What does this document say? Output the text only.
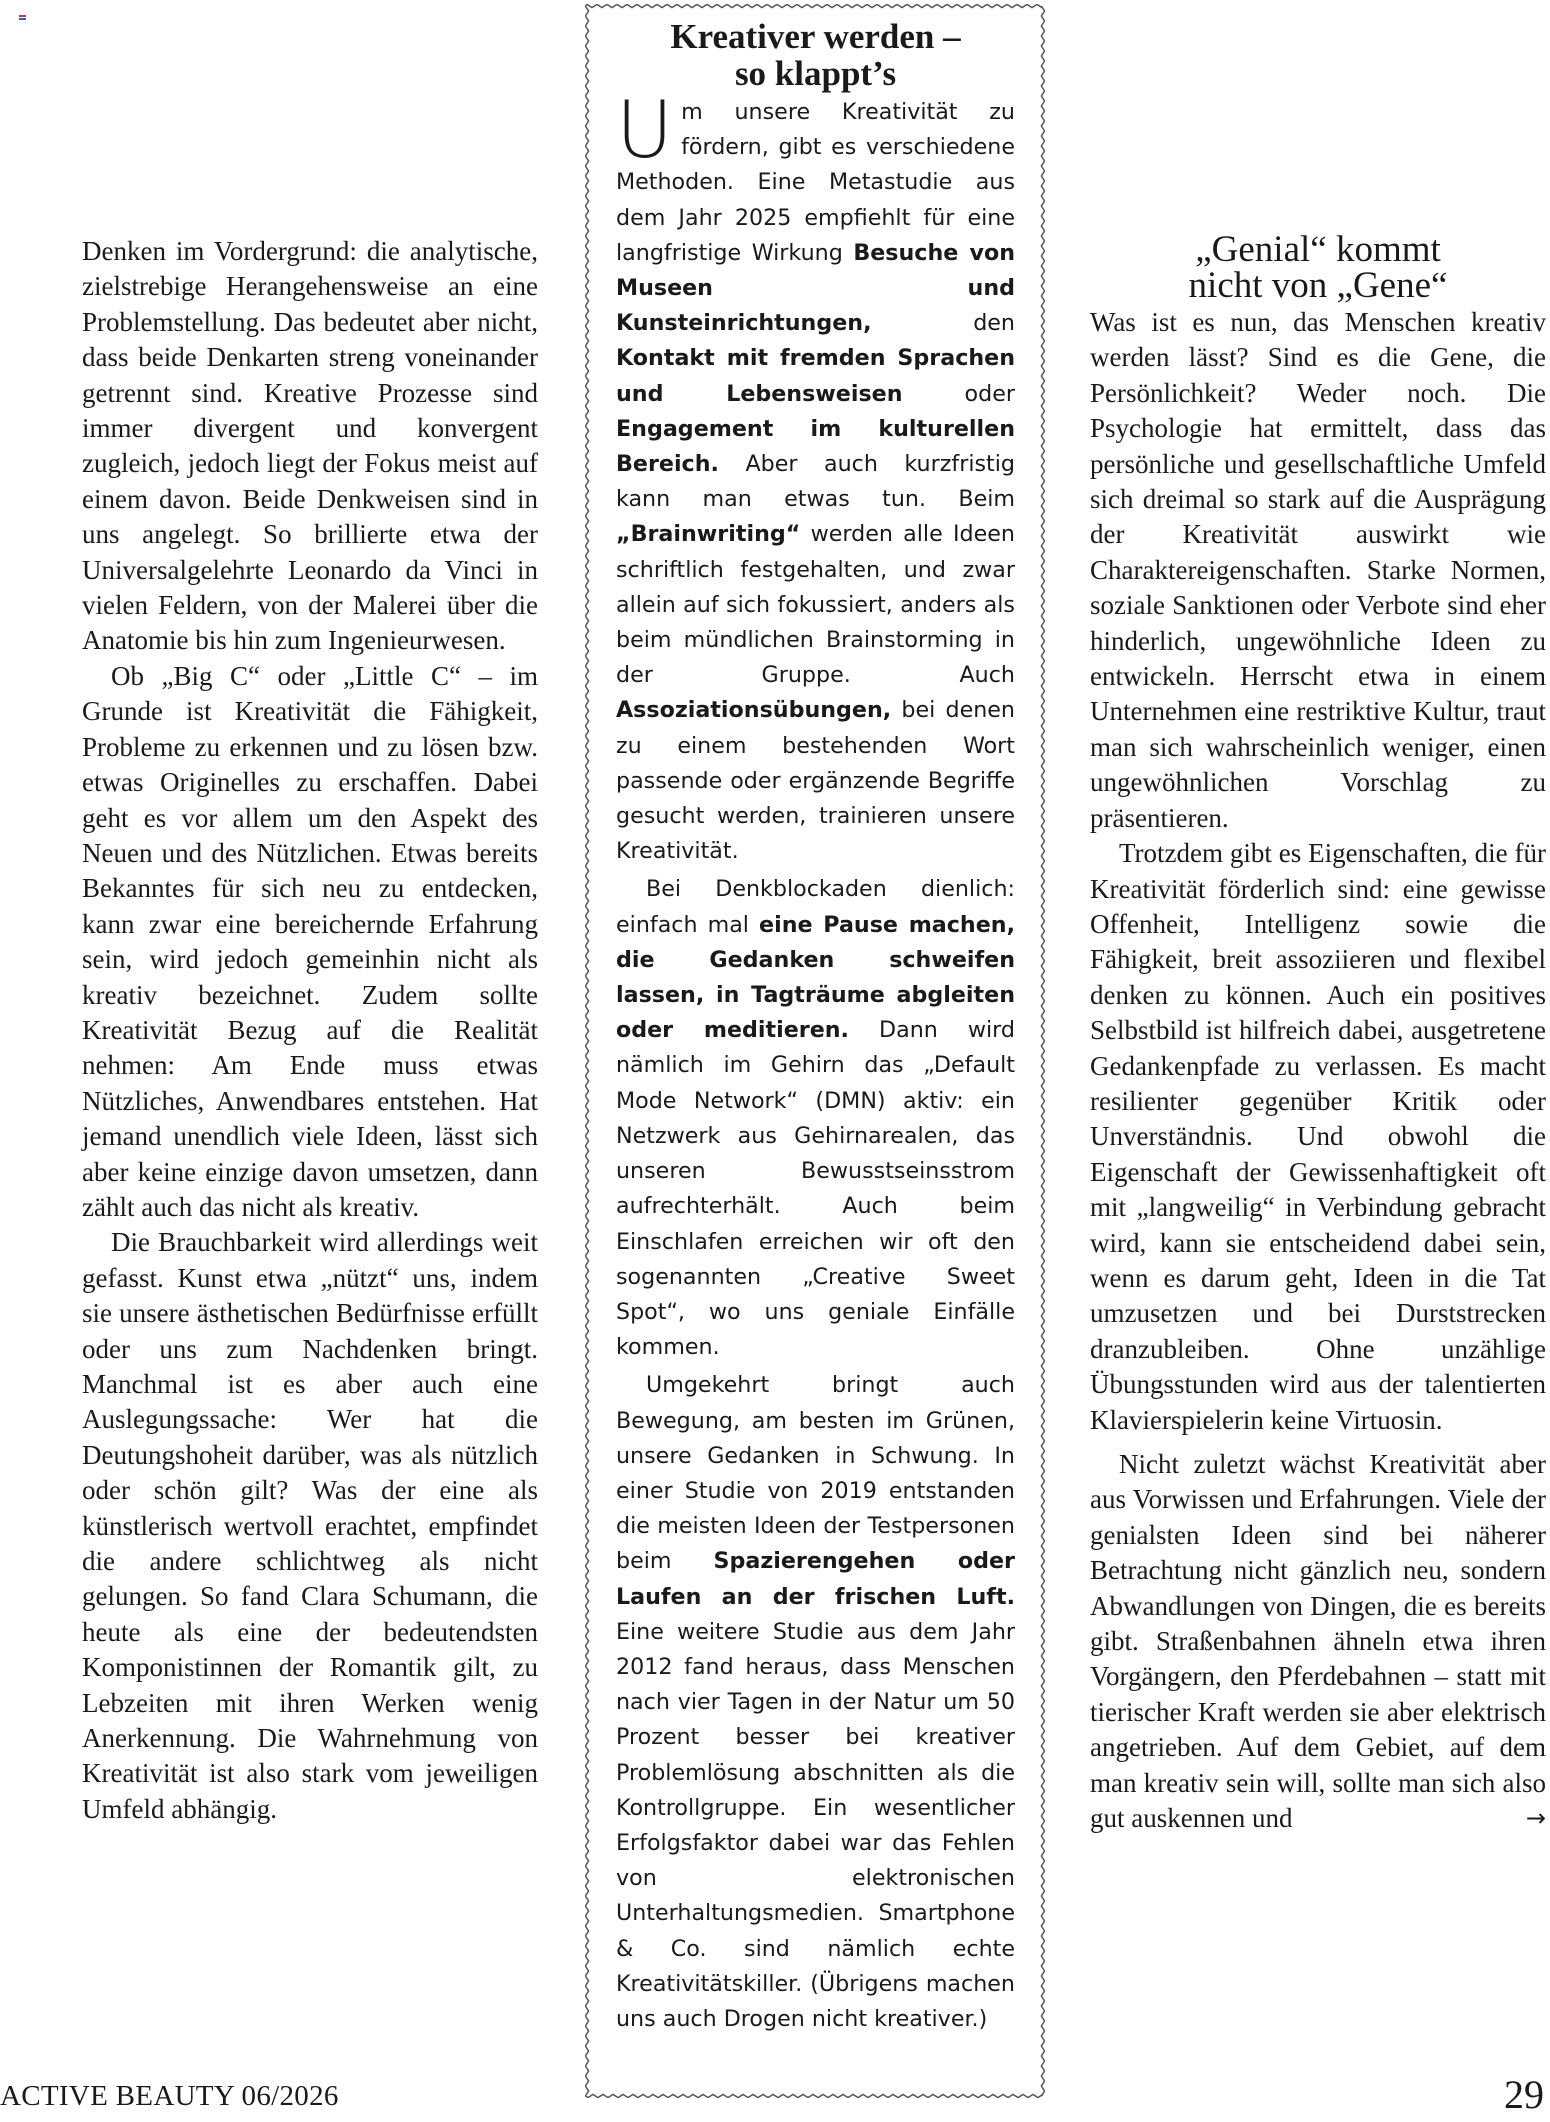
Denken im Vordergrund: die analytische, zielstrebige Herangehensweise an eine Problemstellung. Das bedeutet aber nicht, dass beide Denkarten streng voneinander getrennt sind. Kreative Prozesse sind immer divergent und konvergent zugleich, jedoch liegt der Fokus meist auf einem davon. Beide Denkweisen sind in uns angelegt. So brillierte etwa der Universalgelehrte Leonardo da Vinci in vielen Feldern, von der Malerei über die Anatomie bis hin zum Ingenieurwesen.

Ob „Big C“ oder „Little C“ – im Grunde ist Kreativität die Fähigkeit, Probleme zu erkennen und zu lösen bzw. etwas Originelles zu erschaffen. Dabei geht es vor allem um den Aspekt des Neuen und des Nützlichen. Etwas bereits Bekanntes für sich neu zu entdecken, kann zwar eine bereichernde Erfahrung sein, wird jedoch gemeinhin nicht als kreativ bezeichnet. Zudem sollte Kreativität Bezug auf die Realität nehmen: Am Ende muss etwas Nützliches, Anwendbares entstehen. Hat jemand unendlich viele Ideen, lässt sich aber keine einzige davon umsetzen, dann zählt auch das nicht als kreativ.

Die Brauchbarkeit wird allerdings weit gefasst. Kunst etwa „nützt“ uns, indem sie unsere ästhetischen Bedürfnisse erfüllt oder uns zum Nachdenken bringt. Manchmal ist es aber auch eine Auslegungssache: Wer hat die Deutungshoheit darüber, was als nützlich oder schön gilt? Was der eine als künstlerisch wertvoll erachtet, empfindet die andere schlichtweg als nicht gelungen. So fand Clara Schumann, die heute als eine der bedeutendsten Komponistinnen der Romantik gilt, zu Lebzeiten mit ihren Werken wenig Anerkennung. Die Wahrnehmung von Kreativität ist also stark vom jeweiligen Umfeld abhängig.

Kreativer werden –
so klappt’s

Um unsere Kreativität zu fördern, gibt es verschiedene Methoden. Eine Metastudie aus dem Jahr 2025 empfiehlt für eine langfristige Wirkung Besuche von Museen und Kunsteinrichtungen, den Kontakt mit fremden Sprachen und Lebensweisen oder Engagement im kulturellen Bereich. Aber auch kurzfristig kann man etwas tun. Beim „Brainwriting“ werden alle Ideen schriftlich festgehalten, und zwar allein auf sich fokussiert, anders als beim mündlichen Brainstorming in der Gruppe. Auch Assoziationsübungen, bei denen zu einem bestehenden Wort passende oder ergänzende Begriffe gesucht werden, trainieren unsere Kreativität.

Bei Denkblockaden dienlich: einfach mal eine Pause machen, die Gedanken schweifen lassen, in Tagträume abgleiten oder meditieren. Dann wird nämlich im Gehirn das „Default Mode Network“ (DMN) aktiv: ein Netzwerk aus Gehirnarealen, das unseren Bewusstseinsstrom aufrechterhält. Auch beim Einschlafen erreichen wir oft den sogenannten „Creative Sweet Spot“, wo uns geniale Einfälle kommen.

Umgekehrt bringt auch Bewegung, am besten im Grünen, unsere Gedanken in Schwung. In einer Studie von 2019 entstanden die meisten Ideen der Testpersonen beim Spazierengehen oder Laufen an der frischen Luft. Eine weitere Studie aus dem Jahr 2012 fand heraus, dass Menschen nach vier Tagen in der Natur um 50 Prozent besser bei kreativer Problemlösung abschnitten als die Kontrollgruppe. Ein wesentlicher Erfolgsfaktor dabei war das Fehlen von elektronischen Unterhaltungsmedien. Smartphone & Co. sind nämlich echte Kreativitätskiller. (Übrigens machen uns auch Drogen nicht kreativer.)

„Genial“ kommt
nicht von „Gene“

Was ist es nun, das Menschen kreativ werden lässt? Sind es die Gene, die Persönlichkeit? Weder noch. Die Psychologie hat ermittelt, dass das persönliche und gesellschaftliche Umfeld sich dreimal so stark auf die Ausprägung der Kreativität auswirkt wie Charaktereigenschaften. Starke Normen, soziale Sanktionen oder Verbote sind eher hinderlich, ungewöhnliche Ideen zu entwickeln. Herrscht etwa in einem Unternehmen eine restriktive Kultur, traut man sich wahrscheinlich weniger, einen ungewöhnlichen Vorschlag zu präsentieren.

Trotzdem gibt es Eigenschaften, die für Kreativität förderlich sind: eine gewisse Offenheit, Intelligenz sowie die Fähigkeit, breit assoziieren und flexibel denken zu können. Auch ein positives Selbstbild ist hilfreich dabei, ausgetretene Gedankenpfade zu verlassen. Es macht resilienter gegenüber Kritik oder Unverständnis. Und obwohl die Eigenschaft der Gewissenhaftigkeit oft mit „langweilig“ in Verbindung gebracht wird, kann sie entscheidend dabei sein, wenn es darum geht, Ideen in die Tat umzusetzen und bei Durststrecken dranzubleiben. Ohne unzählige Übungsstunden wird aus der talentierten Klavierspielerin keine Virtuosin.

Nicht zuletzt wächst Kreativität aber aus Vorwissen und Erfahrungen. Viele der genialsten Ideen sind bei näherer Betrachtung nicht gänzlich neu, sondern Abwandlungen von Dingen, die es bereits gibt. Straßenbahnen ähneln etwa ihren Vorgängern, den Pferdebahnen – statt mit tierischer Kraft werden sie aber elektrisch angetrieben. Auf dem Gebiet, auf dem man kreativ sein will, sollte man sich also gut auskennen und	→

ACTIVE BEAUTY 06/2026	29
